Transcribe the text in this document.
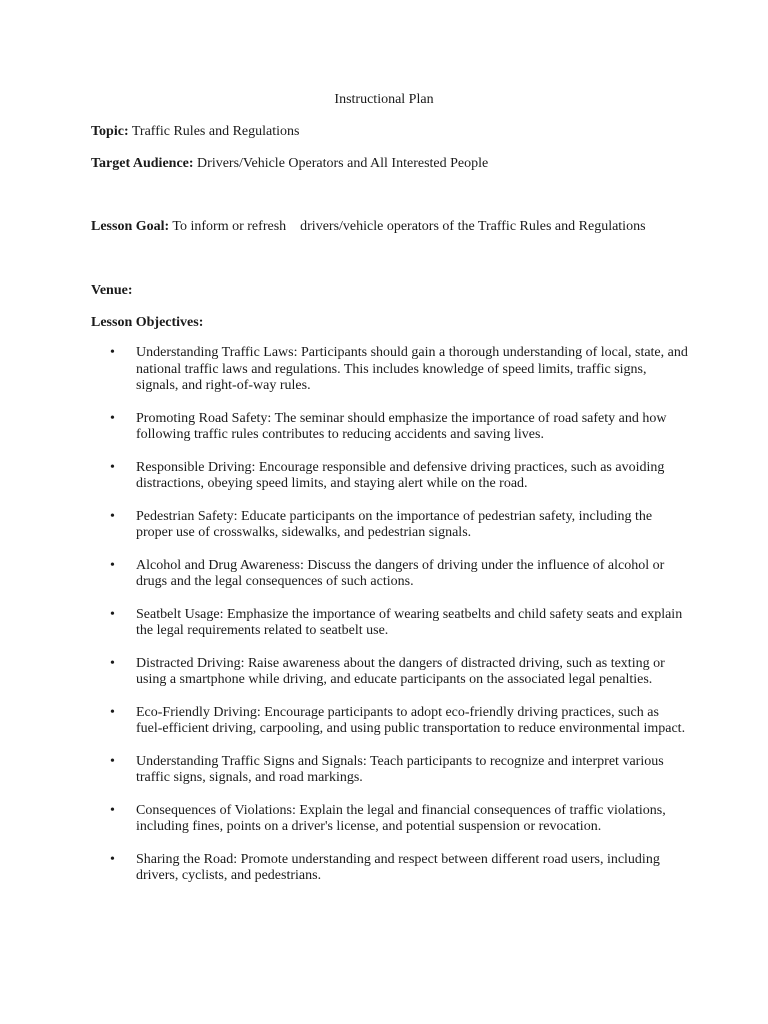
Instructional Plan
Topic: Traffic Rules and Regulations
Target Audience: Drivers/Vehicle Operators and All Interested People
Lesson Goal: To inform or refresh    drivers/vehicle operators of the Traffic Rules and Regulations
Venue:
Lesson Objectives:
• Understanding Traffic Laws: Participants should gain a thorough understanding of local, state, and national traffic laws and regulations. This includes knowledge of speed limits, traffic signs, signals, and right-of-way rules.
• Promoting Road Safety: The seminar should emphasize the importance of road safety and how following traffic rules contributes to reducing accidents and saving lives.
• Responsible Driving: Encourage responsible and defensive driving practices, such as avoiding distractions, obeying speed limits, and staying alert while on the road.
• Pedestrian Safety: Educate participants on the importance of pedestrian safety, including the proper use of crosswalks, sidewalks, and pedestrian signals.
• Alcohol and Drug Awareness: Discuss the dangers of driving under the influence of alcohol or drugs and the legal consequences of such actions.
• Seatbelt Usage: Emphasize the importance of wearing seatbelts and child safety seats and explain the legal requirements related to seatbelt use.
• Distracted Driving: Raise awareness about the dangers of distracted driving, such as texting or using a smartphone while driving, and educate participants on the associated legal penalties.
• Eco-Friendly Driving: Encourage participants to adopt eco-friendly driving practices, such as fuel-efficient driving, carpooling, and using public transportation to reduce environmental impact.
• Understanding Traffic Signs and Signals: Teach participants to recognize and interpret various traffic signs, signals, and road markings.
• Consequences of Violations: Explain the legal and financial consequences of traffic violations, including fines, points on a driver's license, and potential suspension or revocation.
• Sharing the Road: Promote understanding and respect between different road users, including drivers, cyclists, and pedestrians.
